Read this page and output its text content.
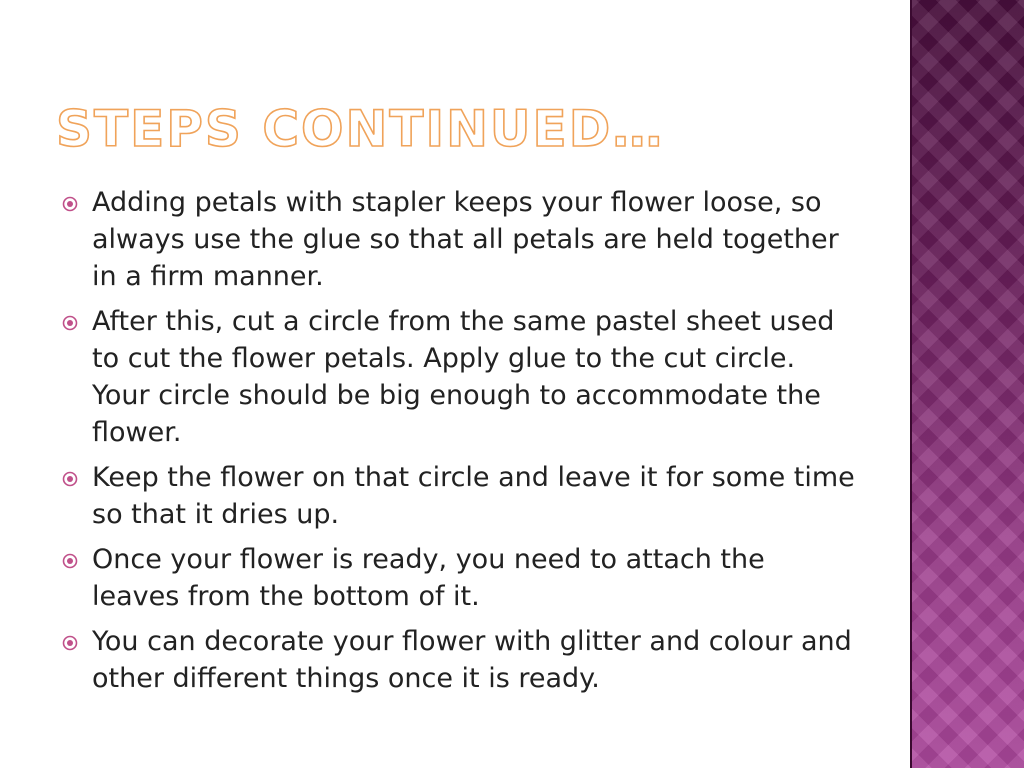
STEPS CONTINUED…
Adding petals with stapler keeps your flower loose, so always use the glue so that all petals are held together in a firm manner.
After this, cut a circle from the same pastel sheet used to cut the flower petals. Apply glue to the cut circle. Your circle should be big enough to accommodate the flower.
Keep the flower on that circle and leave it for some time so that it dries up.
Once your flower is ready, you need to attach the leaves from the bottom of it.
You can decorate your flower with glitter and colour and other different things once it is ready.
